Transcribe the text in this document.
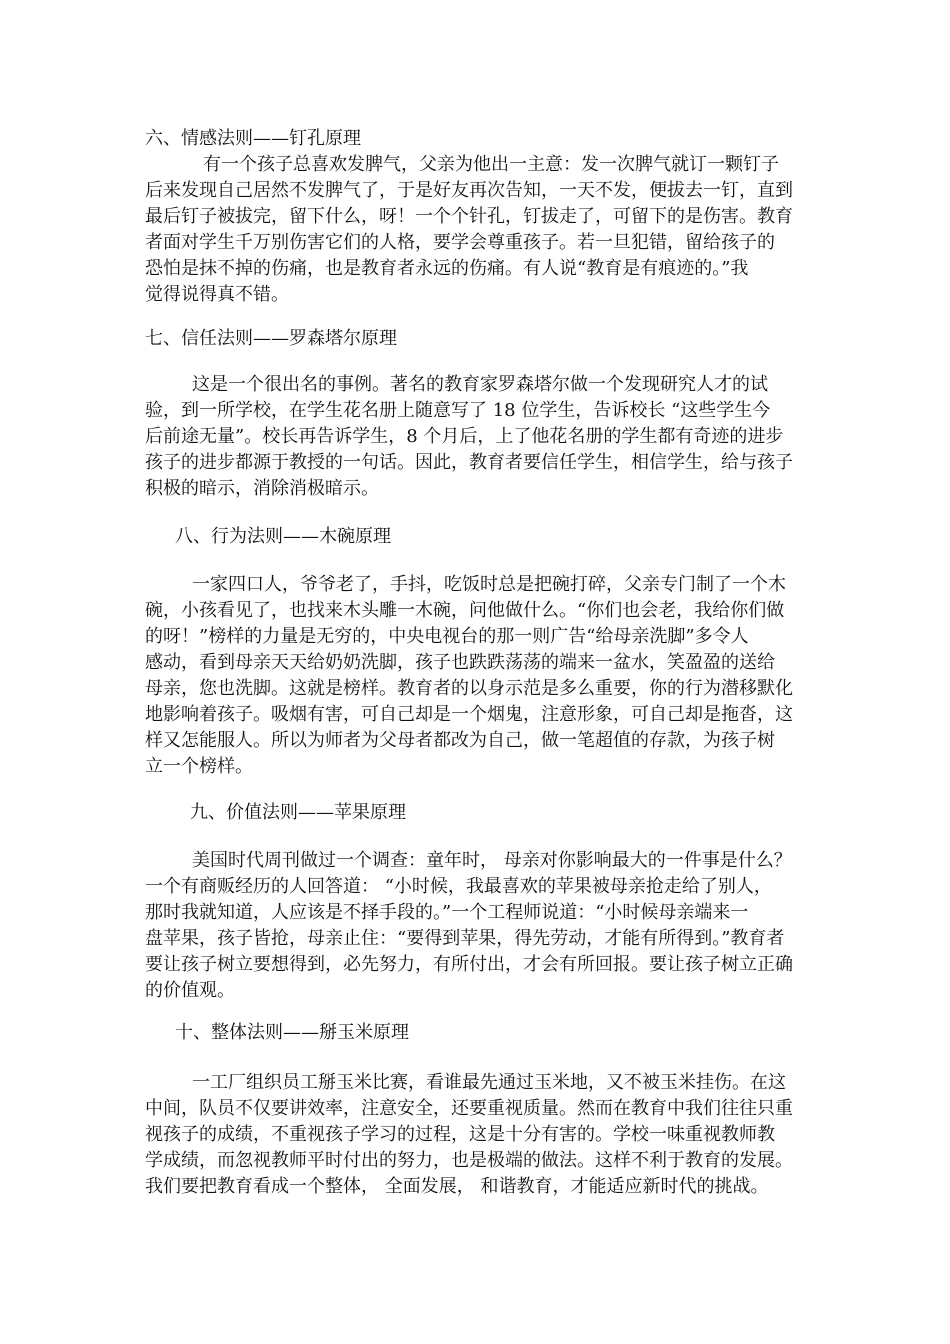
六、情感法则——钉孔原理
有一个孩子总喜欢发脾气，父亲为他出一主意：发一次脾气就订一颗钉子
后来发现自己居然不发脾气了，于是好友再次告知，一天不发，便拔去一钉，直到
最后钉子被拔完，留下什么，呀！一个个针孔，钉拔走了，可留下的是伤害。教育
者面对学生千万别伤害它们的人格，要学会尊重孩子。若一旦犯错，留给孩子的
恐怕是抹不掉的伤痛，也是教育者永远的伤痛。有人说“教育是有痕迹的。”我
觉得说得真不错。
七、信任法则——罗森塔尔原理
这是一个很出名的事例。著名的教育家罗森塔尔做一个发现研究人才的试
验，到一所学校，在学生花名册上随意写了 18 位学生，告诉校长 “这些学生今
后前途无量”。校长再告诉学生，8 个月后，上了他花名册的学生都有奇迹的进步
孩子的进步都源于教授的一句话。因此，教育者要信任学生，相信学生，给与孩子
积极的暗示，消除消极暗示。
八、行为法则——木碗原理
一家四口人，爷爷老了，手抖，吃饭时总是把碗打碎，父亲专门制了一个木
碗，小孩看见了，也找来木头雕一木碗，问他做什么。“你们也会老，我给你们做
的呀！”榜样的力量是无穷的，中央电视台的那一则广告“给母亲洗脚”多令人
感动，看到母亲天天给奶奶洗脚，孩子也跌跌荡荡的端来一盆水，笑盈盈的送给
母亲，您也洗脚。这就是榜样。教育者的以身示范是多么重要，你的行为潜移默化
地影响着孩子。吸烟有害，可自己却是一个烟鬼，注意形象，可自己却是拖沓，这
样又怎能服人。所以为师者为父母者都改为自己，做一笔超值的存款，为孩子树
立一个榜样。
九、价值法则——苹果原理
美国时代周刊做过一个调查：童年时， 母亲对你影响最大的一件事是什么？
一个有商贩经历的人回答道： “小时候，我最喜欢的苹果被母亲抢走给了别人，
那时我就知道，人应该是不择手段的。”一个工程师说道：“小时候母亲端来一
盘苹果，孩子皆抢，母亲止住：“要得到苹果，得先劳动，才能有所得到。”教育者
要让孩子树立要想得到，必先努力，有所付出，才会有所回报。要让孩子树立正确
的价值观。
十、整体法则——掰玉米原理
一工厂组织员工掰玉米比赛，看谁最先通过玉米地，又不被玉米挂伤。在这
中间，队员不仅要讲效率，注意安全，还要重视质量。然而在教育中我们往往只重
视孩子的成绩，不重视孩子学习的过程，这是十分有害的。学校一味重视教师教
学成绩，而忽视教师平时付出的努力，也是极端的做法。这样不利于教育的发展。
我们要把教育看成一个整体， 全面发展， 和谐教育，才能适应新时代的挑战。
